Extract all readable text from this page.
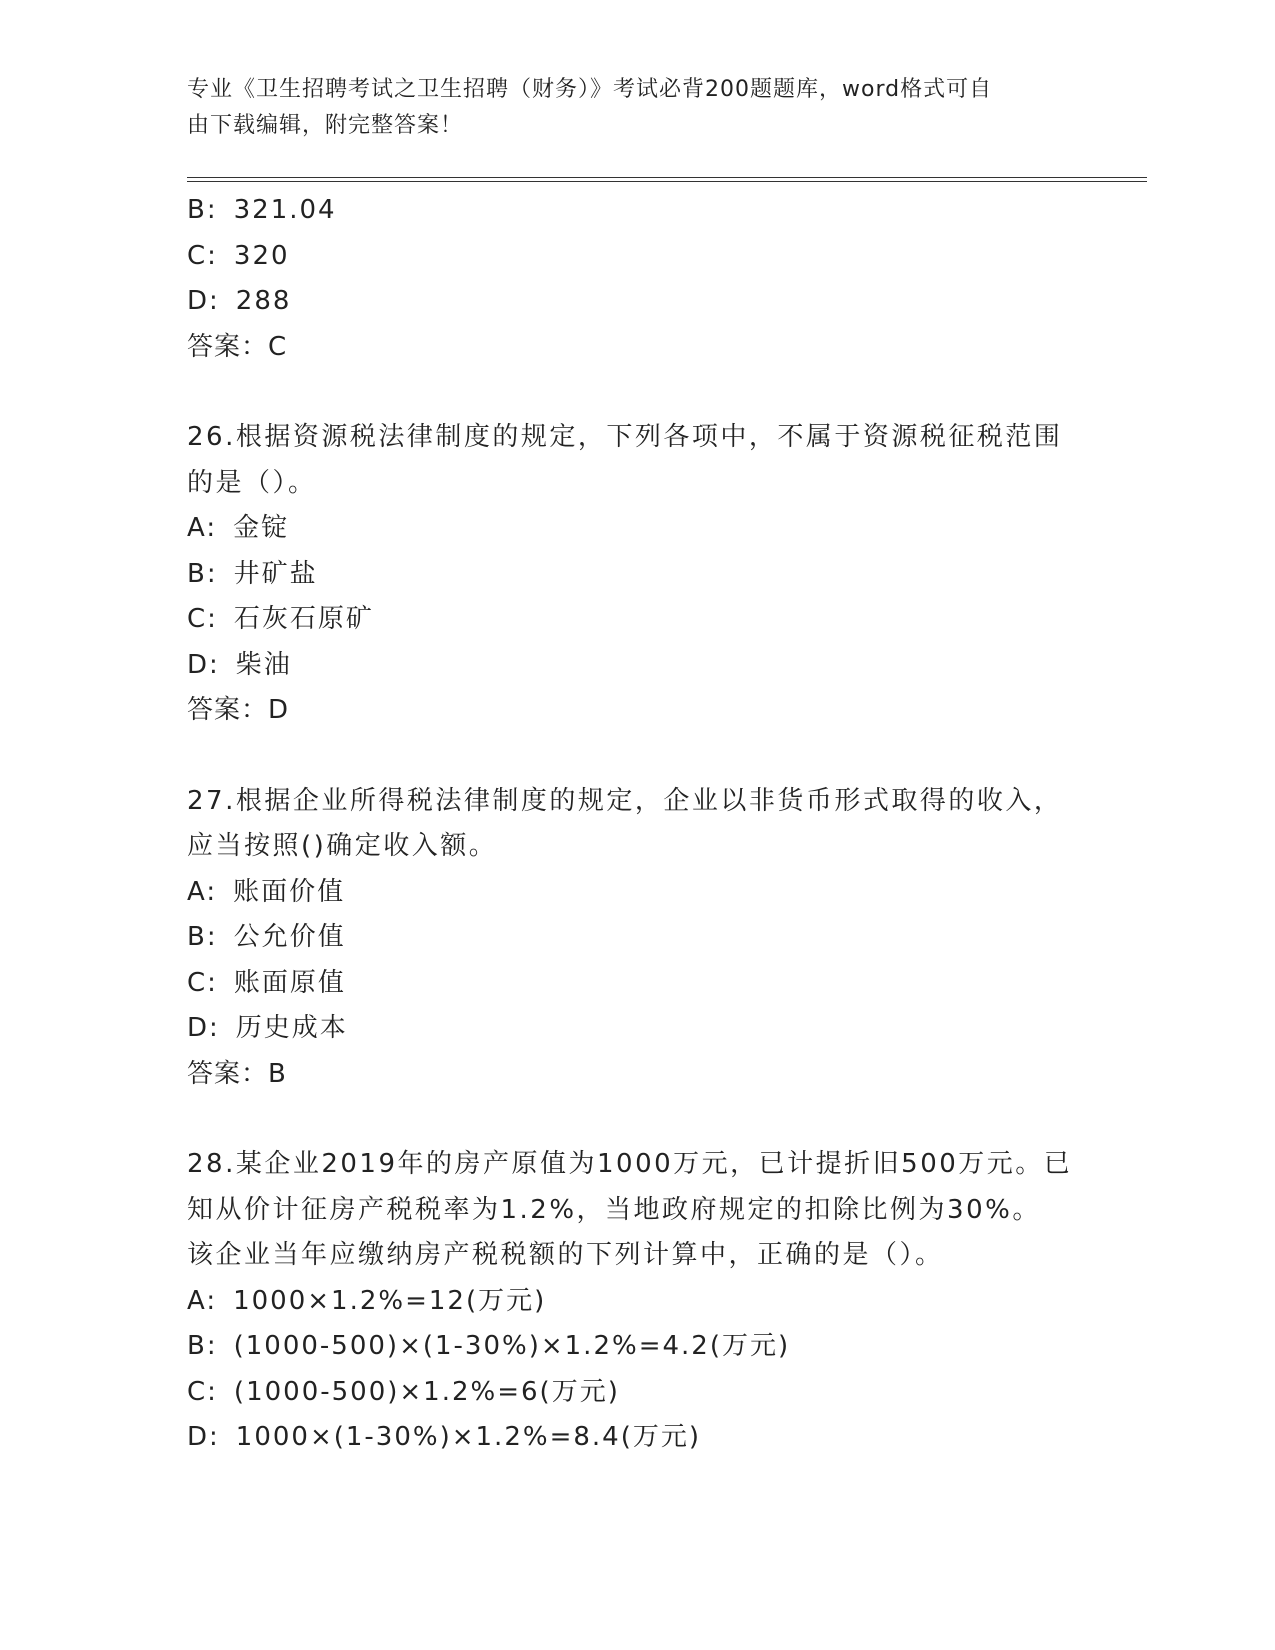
专业《卫生招聘考试之卫生招聘（财务）》考试必背200题题库，word格式可自
由下载编辑，附完整答案！
B: 321.04
C: 320
D: 288
答案：C
26.根据资源税法律制度的规定，下列各项中，不属于资源税征税范围
的是（）。
A: 金锭
B: 井矿盐
C: 石灰石原矿
D: 柴油
答案：D
27.根据企业所得税法律制度的规定，企业以非货币形式取得的收入，
应当按照()确定收入额。
A: 账面价值
B: 公允价值
C: 账面原值
D: 历史成本
答案：B
28.某企业2019年的房产原值为1000万元，已计提折旧500万元。已
知从价计征房产税税率为1.2%，当地政府规定的扣除比例为30%。
该企业当年应缴纳房产税税额的下列计算中，正确的是（）。
A: 1000×1.2%=12(万元)
B: (1000-500)×(1-30%)×1.2%=4.2(万元)
C: (1000-500)×1.2%=6(万元)
D: 1000×(1-30%)×1.2%=8.4(万元)
